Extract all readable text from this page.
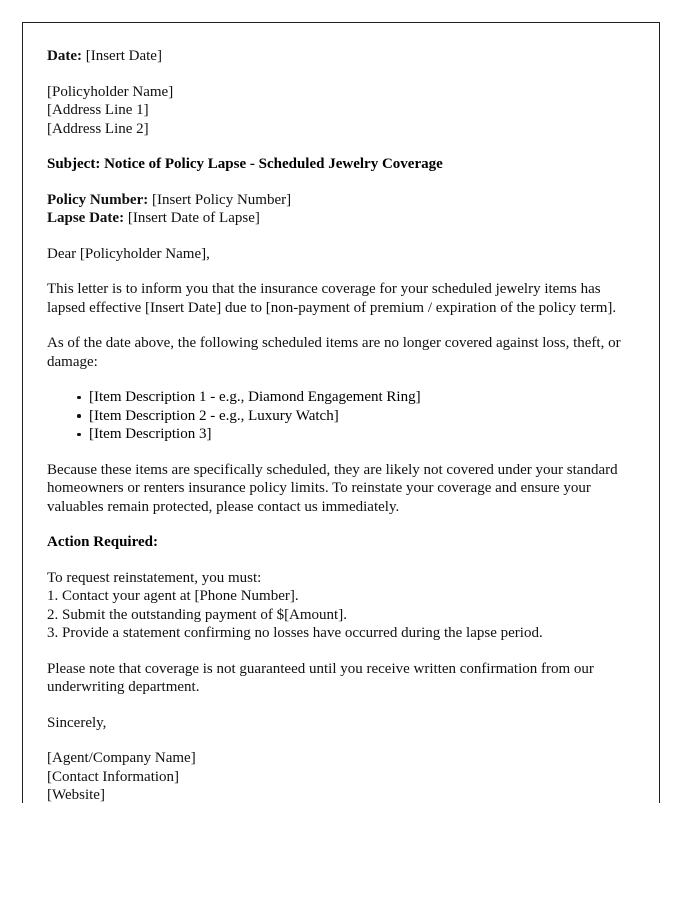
Date: [Insert Date]
[Policyholder Name]
[Address Line 1]
[Address Line 2]
Subject: Notice of Policy Lapse - Scheduled Jewelry Coverage
Policy Number: [Insert Policy Number]
Lapse Date: [Insert Date of Lapse]

Dear [Policyholder Name],

This letter is to inform you that the insurance coverage for your scheduled jewelry items has lapsed effective [Insert Date] due to [non-payment of premium / expiration of the policy term].

As of the date above, the following scheduled items are no longer covered against loss, theft, or damage:

[Item Description 1 - e.g., Diamond Engagement Ring]
[Item Description 2 - e.g., Luxury Watch]
[Item Description 3]

Because these items are specifically scheduled, they are likely not covered under your standard homeowners or renters insurance policy limits. To reinstate your coverage and ensure your valuables remain protected, please contact us immediately.

Action Required:
To request reinstatement, you must:
1. Contact your agent at [Phone Number].
2. Submit the outstanding payment of $[Amount].
3. Provide a statement confirming no losses have occurred during the lapse period.

Please note that coverage is not guaranteed until you receive written confirmation from our underwriting department.

Sincerely,

[Agent/Company Name]
[Contact Information]
[Website]
